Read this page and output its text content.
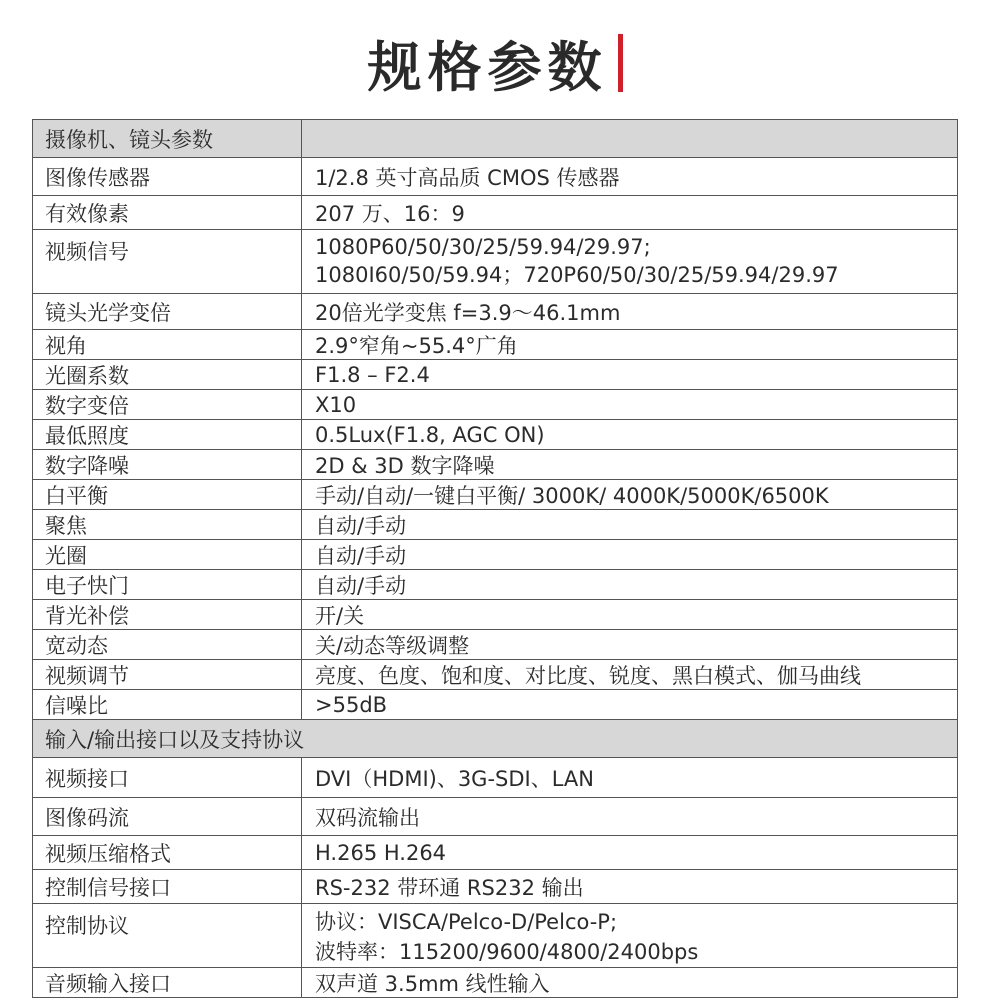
规格参数
摄像机、镜头参数
图像传感器	1/2.8 英寸高品质 CMOS 传感器
有效像素	207 万、16：9
视频信号	1080P60/50/30/25/59.94/29.97;
1080I60/50/59.94；720P60/50/30/25/59.94/29.97
镜头光学变倍	20倍光学变焦 f=3.9〜46.1mm
视角	2.9°窄角~55.4°广角
光圈系数	F1.8 – F2.4
数字变倍	X10
最低照度	0.5Lux(F1.8, AGC ON)
数字降噪	2D & 3D 数字降噪
白平衡	手动/自动/一键白平衡/ 3000K/ 4000K/5000K/6500K
聚焦	自动/手动
光圈	自动/手动
电子快门	自动/手动
背光补偿	开/关
宽动态	关/动态等级调整
视频调节	亮度、色度、饱和度、对比度、锐度、黑白模式、伽马曲线
信噪比	>55dB
输入/输出接口以及支持协议
视频接口	DVI（HDMI)、3G-SDI、LAN
图像码流	双码流输出
视频压缩格式	H.265 H.264
控制信号接口	RS-232 带环通 RS232 输出
控制协议	协议：VISCA/Pelco-D/Pelco-P;
波特率：115200/9600/4800/2400bps
音频输入接口	双声道 3.5mm 线性输入
